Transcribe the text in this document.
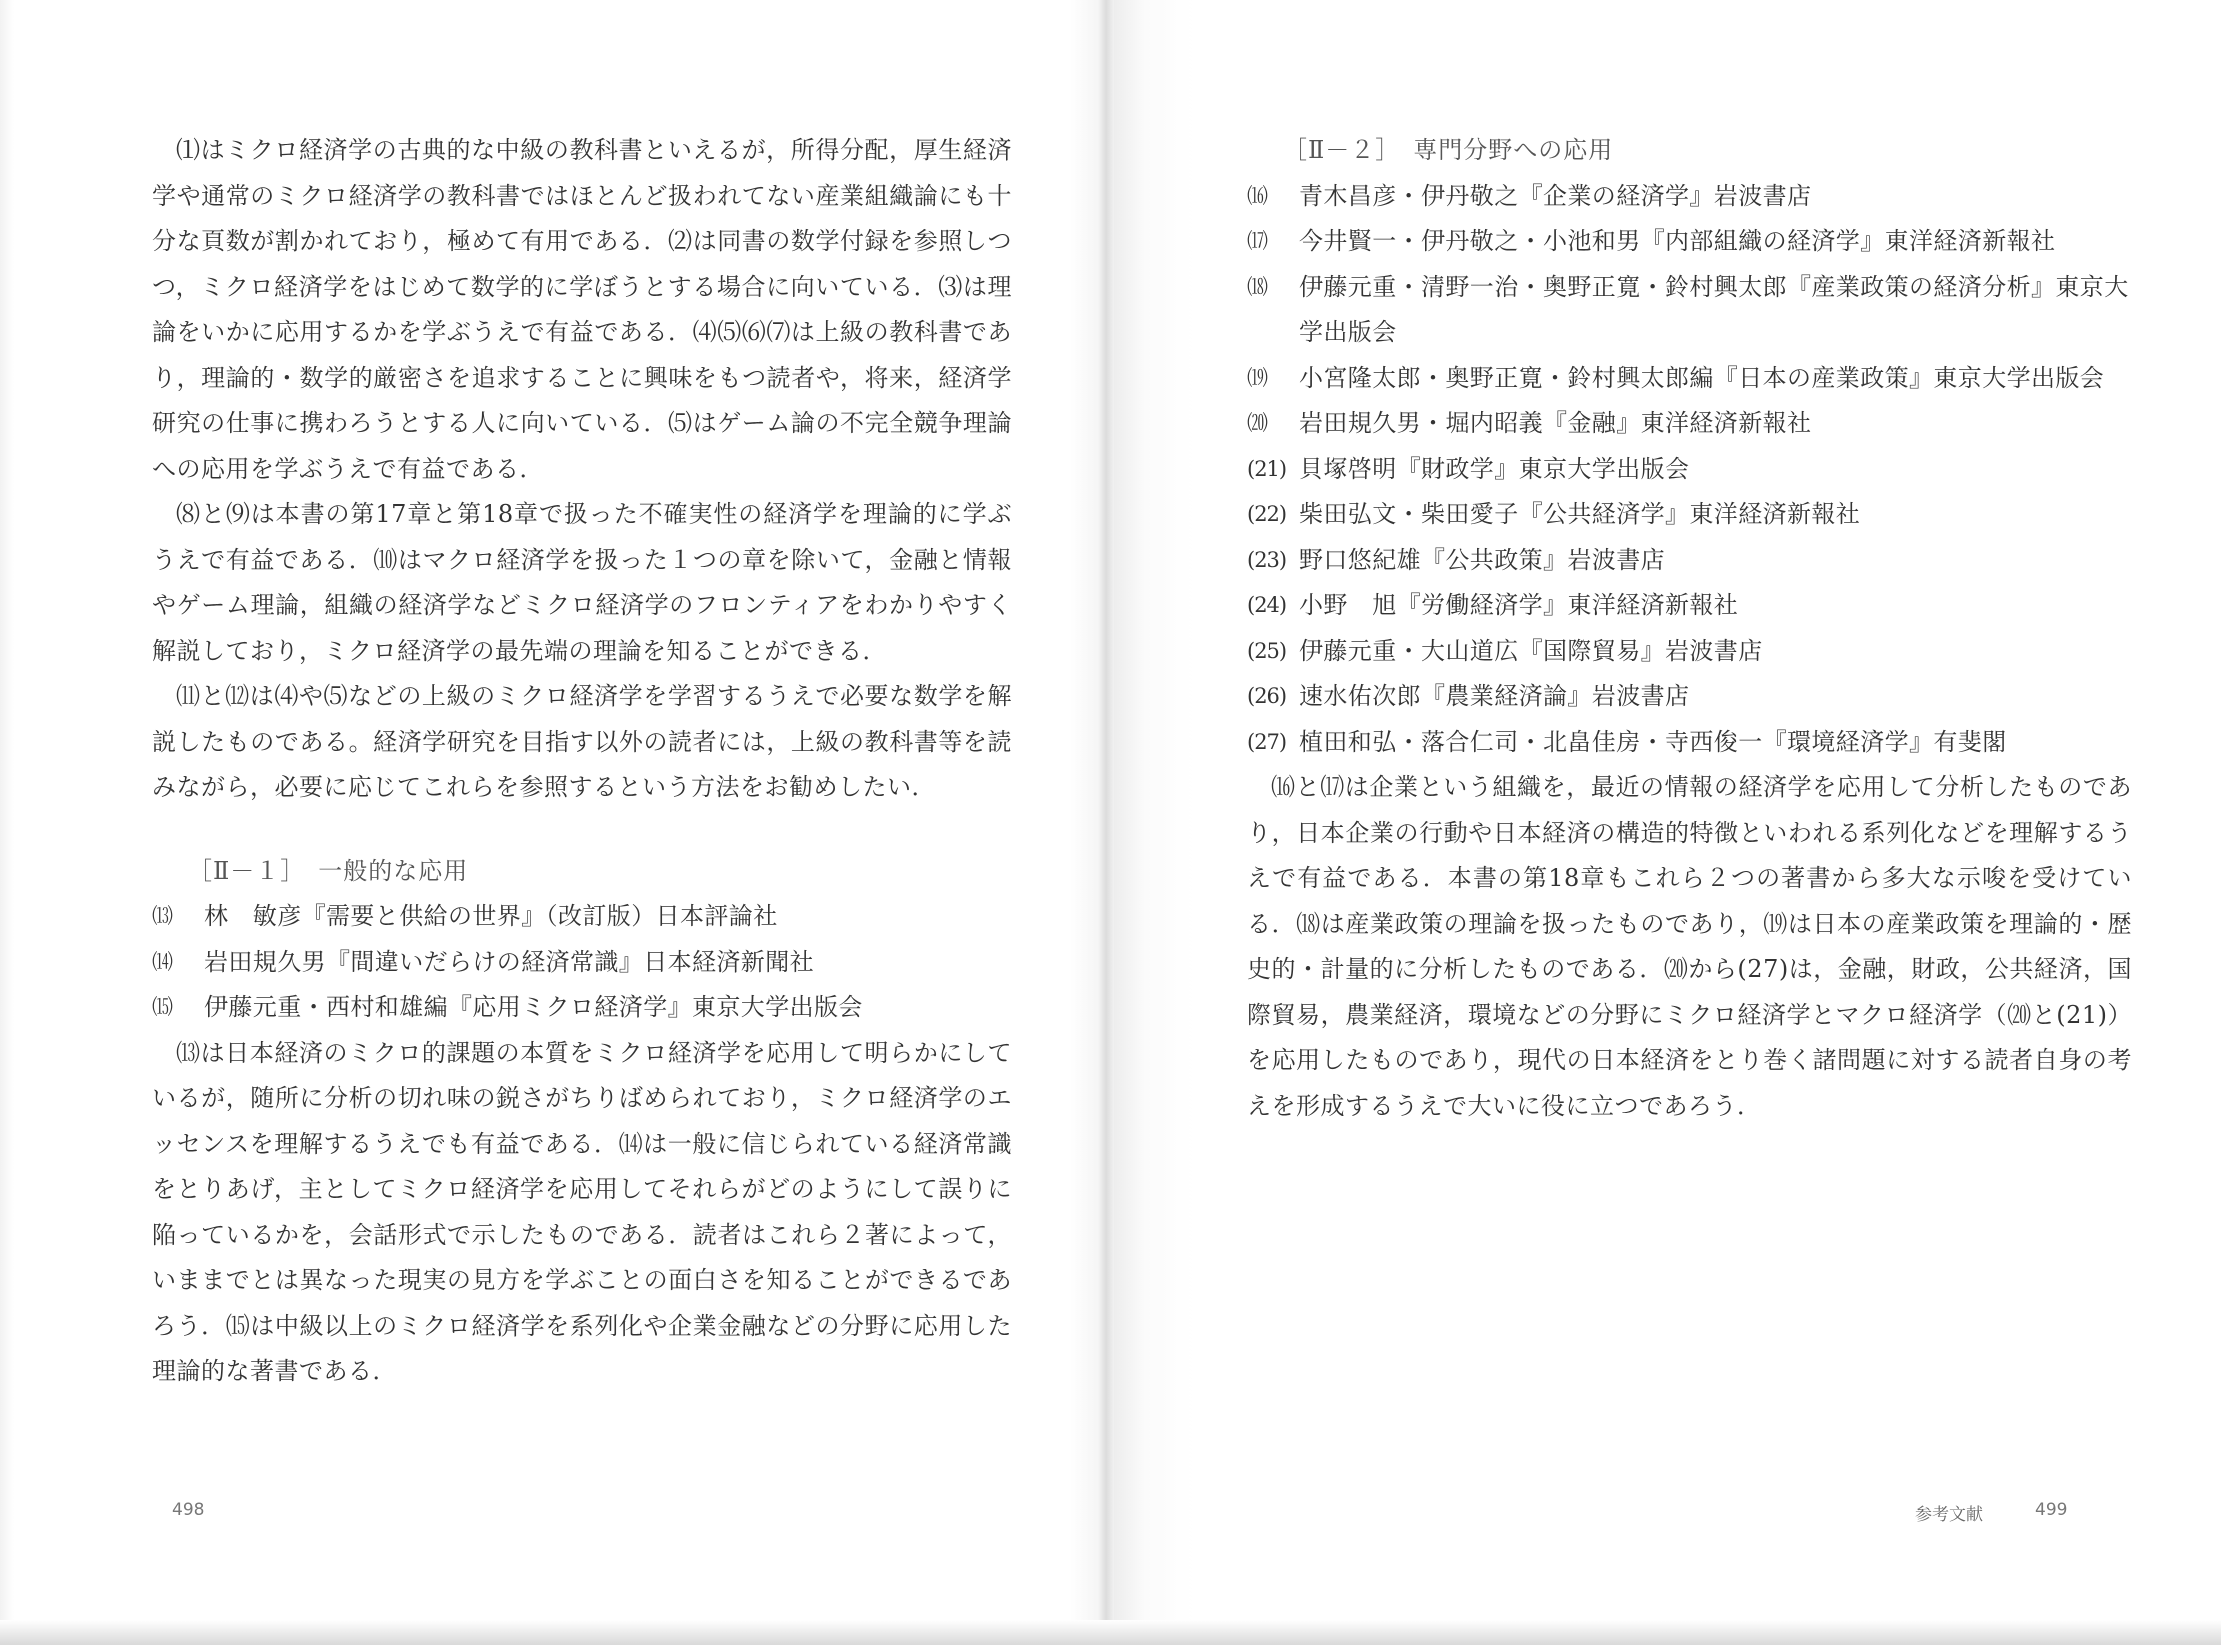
⑴はミクロ経済学の古典的な中級の教科書といえるが，所得分配，厚生経済学や通常のミクロ経済学の教科書ではほとんど扱われてない産業組織論にも十分な頁数が割かれており，極めて有用である．⑵は同書の数学付録を参照しつつ，ミクロ経済学をはじめて数学的に学ぼうとする場合に向いている．⑶は理論をいかに応用するかを学ぶうえで有益である．⑷⑸⑹⑺は上級の教科書であり，理論的・数学的厳密さを追求することに興味をもつ読者や，将来，経済学研究の仕事に携わろうとする人に向いている．⑸はゲーム論の不完全競争理論への応用を学ぶうえで有益である．

⑻と⑼は本書の第17章と第18章で扱った不確実性の経済学を理論的に学ぶうえで有益である．⑽はマクロ経済学を扱った１つの章を除いて，金融と情報やゲーム理論，組織の経済学などミクロ経済学のフロンティアをわかりやすく解説しており，ミクロ経済学の最先端の理論を知ることができる．

⑾と⑿は⑷や⑸などの上級のミクロ経済学を学習するうえで必要な数学を解説したものである。経済学研究を目指す以外の読者には，上級の教科書等を読みながら，必要に応じてこれらを参照するという方法をお勧めしたい．

［Ⅱ－１］　一般的な応用

⒀	林　敏彦『需要と供給の世界』（改訂版）日本評論社
⒁	岩田規久男『間違いだらけの経済常識』日本経済新聞社
⒂	伊藤元重・西村和雄編『応用ミクロ経済学』東京大学出版会

⒀は日本経済のミクロ的課題の本質をミクロ経済学を応用して明らかにしているが，随所に分析の切れ味の鋭さがちりばめられており，ミクロ経済学のエッセンスを理解するうえでも有益である．⒁は一般に信じられている経済常識をとりあげ，主としてミクロ経済学を応用してそれらがどのようにして誤りに陥っているかを，会話形式で示したものである．読者はこれら２著によって，いままでとは異なった現実の見方を学ぶことの面白さを知ることができるであろう．⒂は中級以上のミクロ経済学を系列化や企業金融などの分野に応用した理論的な著書である．

498

［Ⅱ－２］　専門分野への応用

⒃	青木昌彦・伊丹敬之『企業の経済学』岩波書店
⒄	今井賢一・伊丹敬之・小池和男『内部組織の経済学』東洋経済新報社
⒅	伊藤元重・清野一治・奥野正寛・鈴村興太郎『産業政策の経済分析』東京大学出版会
⒆	小宮隆太郎・奥野正寛・鈴村興太郎編『日本の産業政策』東京大学出版会
⒇	岩田規久男・堀内昭義『金融』東洋経済新報社
(21) 貝塚啓明『財政学』東京大学出版会
(22) 柴田弘文・柴田愛子『公共経済学』東洋経済新報社
(23) 野口悠紀雄『公共政策』岩波書店
(24) 小野　旭『労働経済学』東洋経済新報社
(25) 伊藤元重・大山道広『国際貿易』岩波書店
(26) 速水佑次郎『農業経済論』岩波書店
(27) 植田和弘・落合仁司・北畠佳房・寺西俊一『環境経済学』有斐閣

⒃と⒄は企業という組織を，最近の情報の経済学を応用して分析したものであり，日本企業の行動や日本経済の構造的特徴といわれる系列化などを理解するうえで有益である．本書の第18章もこれら２つの著書から多大な示唆を受けている．⒅は産業政策の理論を扱ったものであり，⒆は日本の産業政策を理論的・歴史的・計量的に分析したものである．⒇から(27)は，金融，財政，公共経済，国際貿易，農業経済，環境などの分野にミクロ経済学とマクロ経済学（⒇と(21)）を応用したものであり，現代の日本経済をとり巻く諸問題に対する読者自身の考えを形成するうえで大いに役に立つであろう．

参考文献	499
